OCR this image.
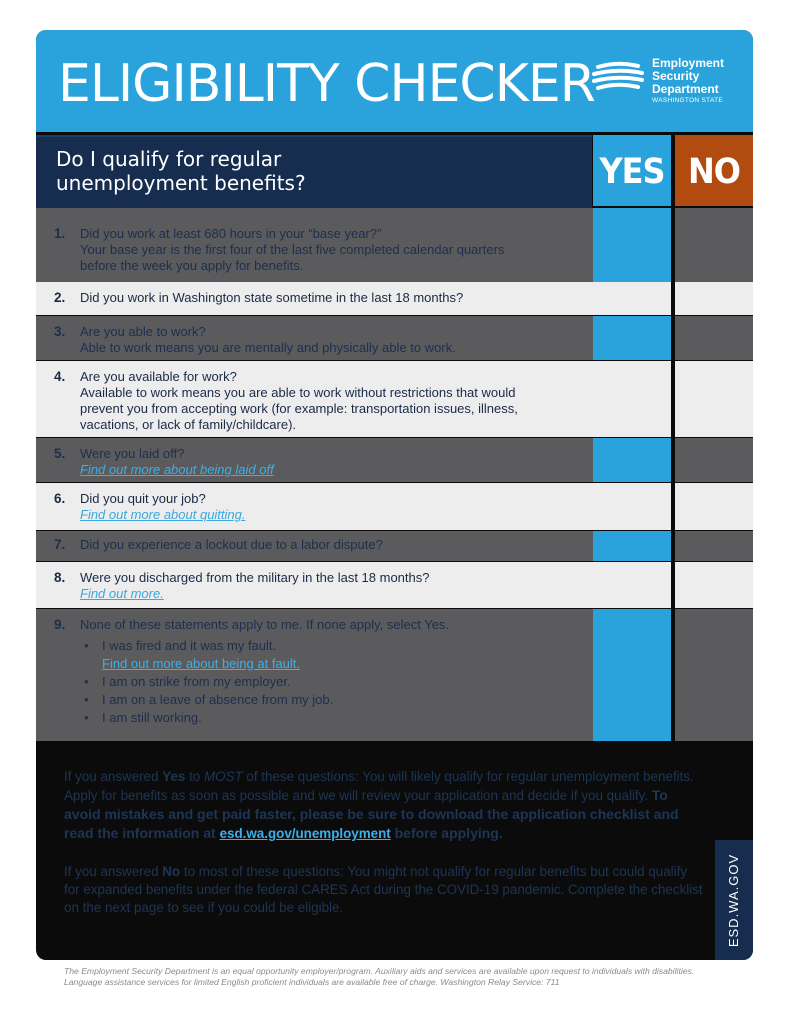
ELIGIBILITY CHECKER	Employment
Security
Department
WASHINGTON STATE
Do I qualify for regular
unemployment benefits?	YES NO
1. Did you work at least 680 hours in your “base year?”
Your base year is the first four of the last five completed calendar quarters before the week you apply for benefits.
2. Did you work in Washington state sometime in the last 18 months?
3. Are you able to work?
Able to work means you are mentally and physically able to work.
4. Are you available for work?
Available to work means you are able to work without restrictions that would prevent you from accepting work (for example: transportation issues, illness, vacations, or lack of family/childcare).
5. Were you laid off?
Find out more about being laid off
6. Did you quit your job?
Find out more about quitting.
7. Did you experience a lockout due to a labor dispute?
8. Were you discharged from the military in the last 18 months?
Find out more.
9. None of these statements apply to me. If none apply, select Yes.
• I was fired and it was my fault.
Find out more about being at fault.
• I am on strike from my employer.
• I am on a leave of absence from my job.
• I am still working.

If you answered Yes to MOST of these questions: You will likely qualify for regular unemployment benefits. Apply for benefits as soon as possible and we will review your application and decide if you qualify. To avoid mistakes and get paid faster, please be sure to download the application checklist and read the information at esd.wa.gov/unemployment before applying.

If you answered No to most of these questions: You might not qualify for regular benefits but could qualify for expanded benefits under the federal CARES Act during the COVID-19 pandemic. Complete the checklist on the next page to see if you could be eligible.	ESD.WA.GOV
The Employment Security Department is an equal opportunity employer/program. Auxiliary aids and services are available upon request to individuals with disabilities. Language assistance services for limited English proficient individuals are available free of charge. Washington Relay Service: 711
